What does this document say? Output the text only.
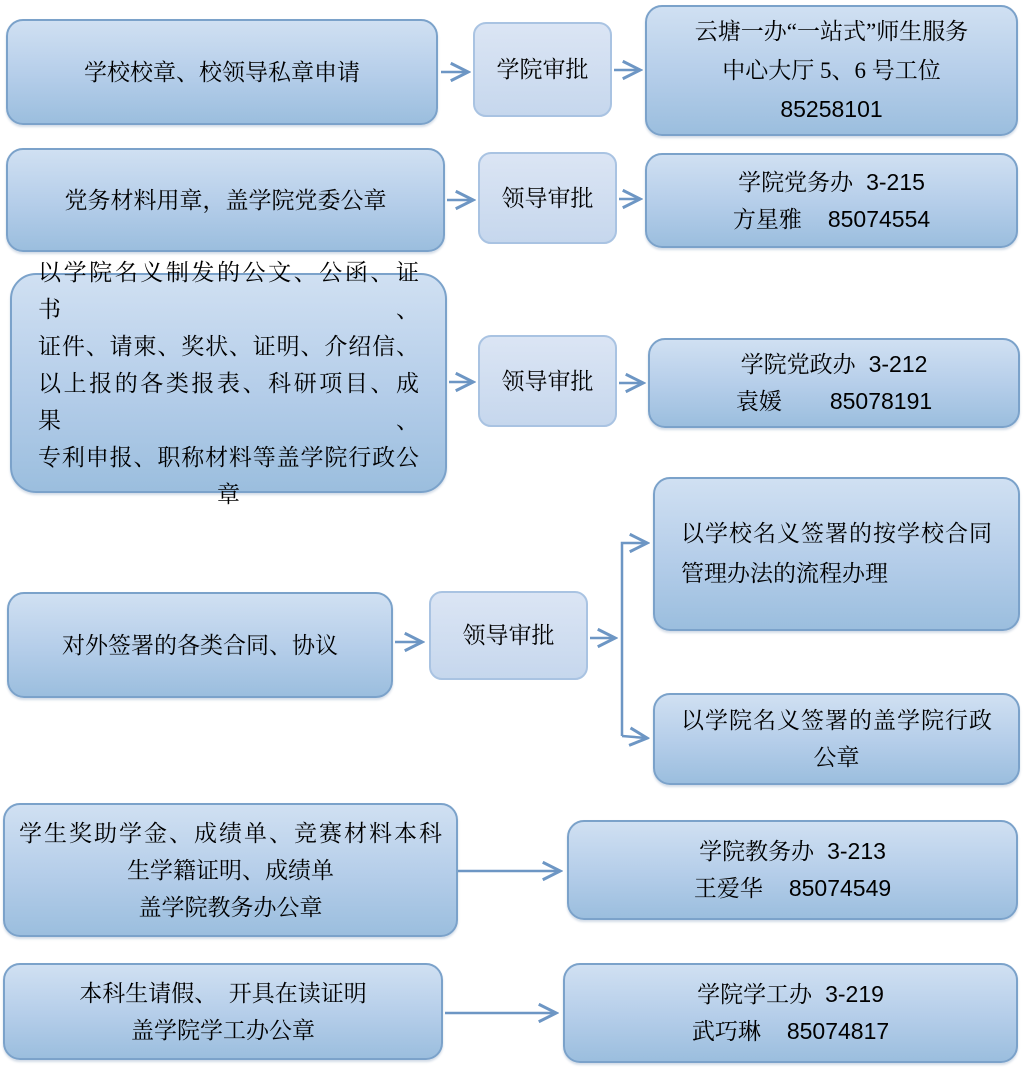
学校校章、校领导私章申请	学院审批
云塘一办“一站式”师生服务
中心大厅 5、6 号工位
85258101
党务材料用章，盖学院党委公章	领导审批
学院党务办 3-215
方星雅 85074554
以学院名义制发的公文、公函、证书、
证件、请柬、奖状、证明、介绍信、
以上报的各类报表、科研项目、成果、
专利申报、职称材料等盖学院行政公
章
领导审批
学院党政办 3-212
袁媛 85078191
对外签署的各类合同、协议	领导审批
以学校名义签署的按学校合同
管理办法的流程办理
以学院名义签署的盖学院行政
公章
学生奖助学金、成绩单、竞赛材料本科
生学籍证明、成绩单
盖学院教务办公章
学院教务办 3-213
王爱华 85074549
本科生请假、　开具在读证明
盖学院学工办公章
学院学工办 3-219
武巧琳 85074817
